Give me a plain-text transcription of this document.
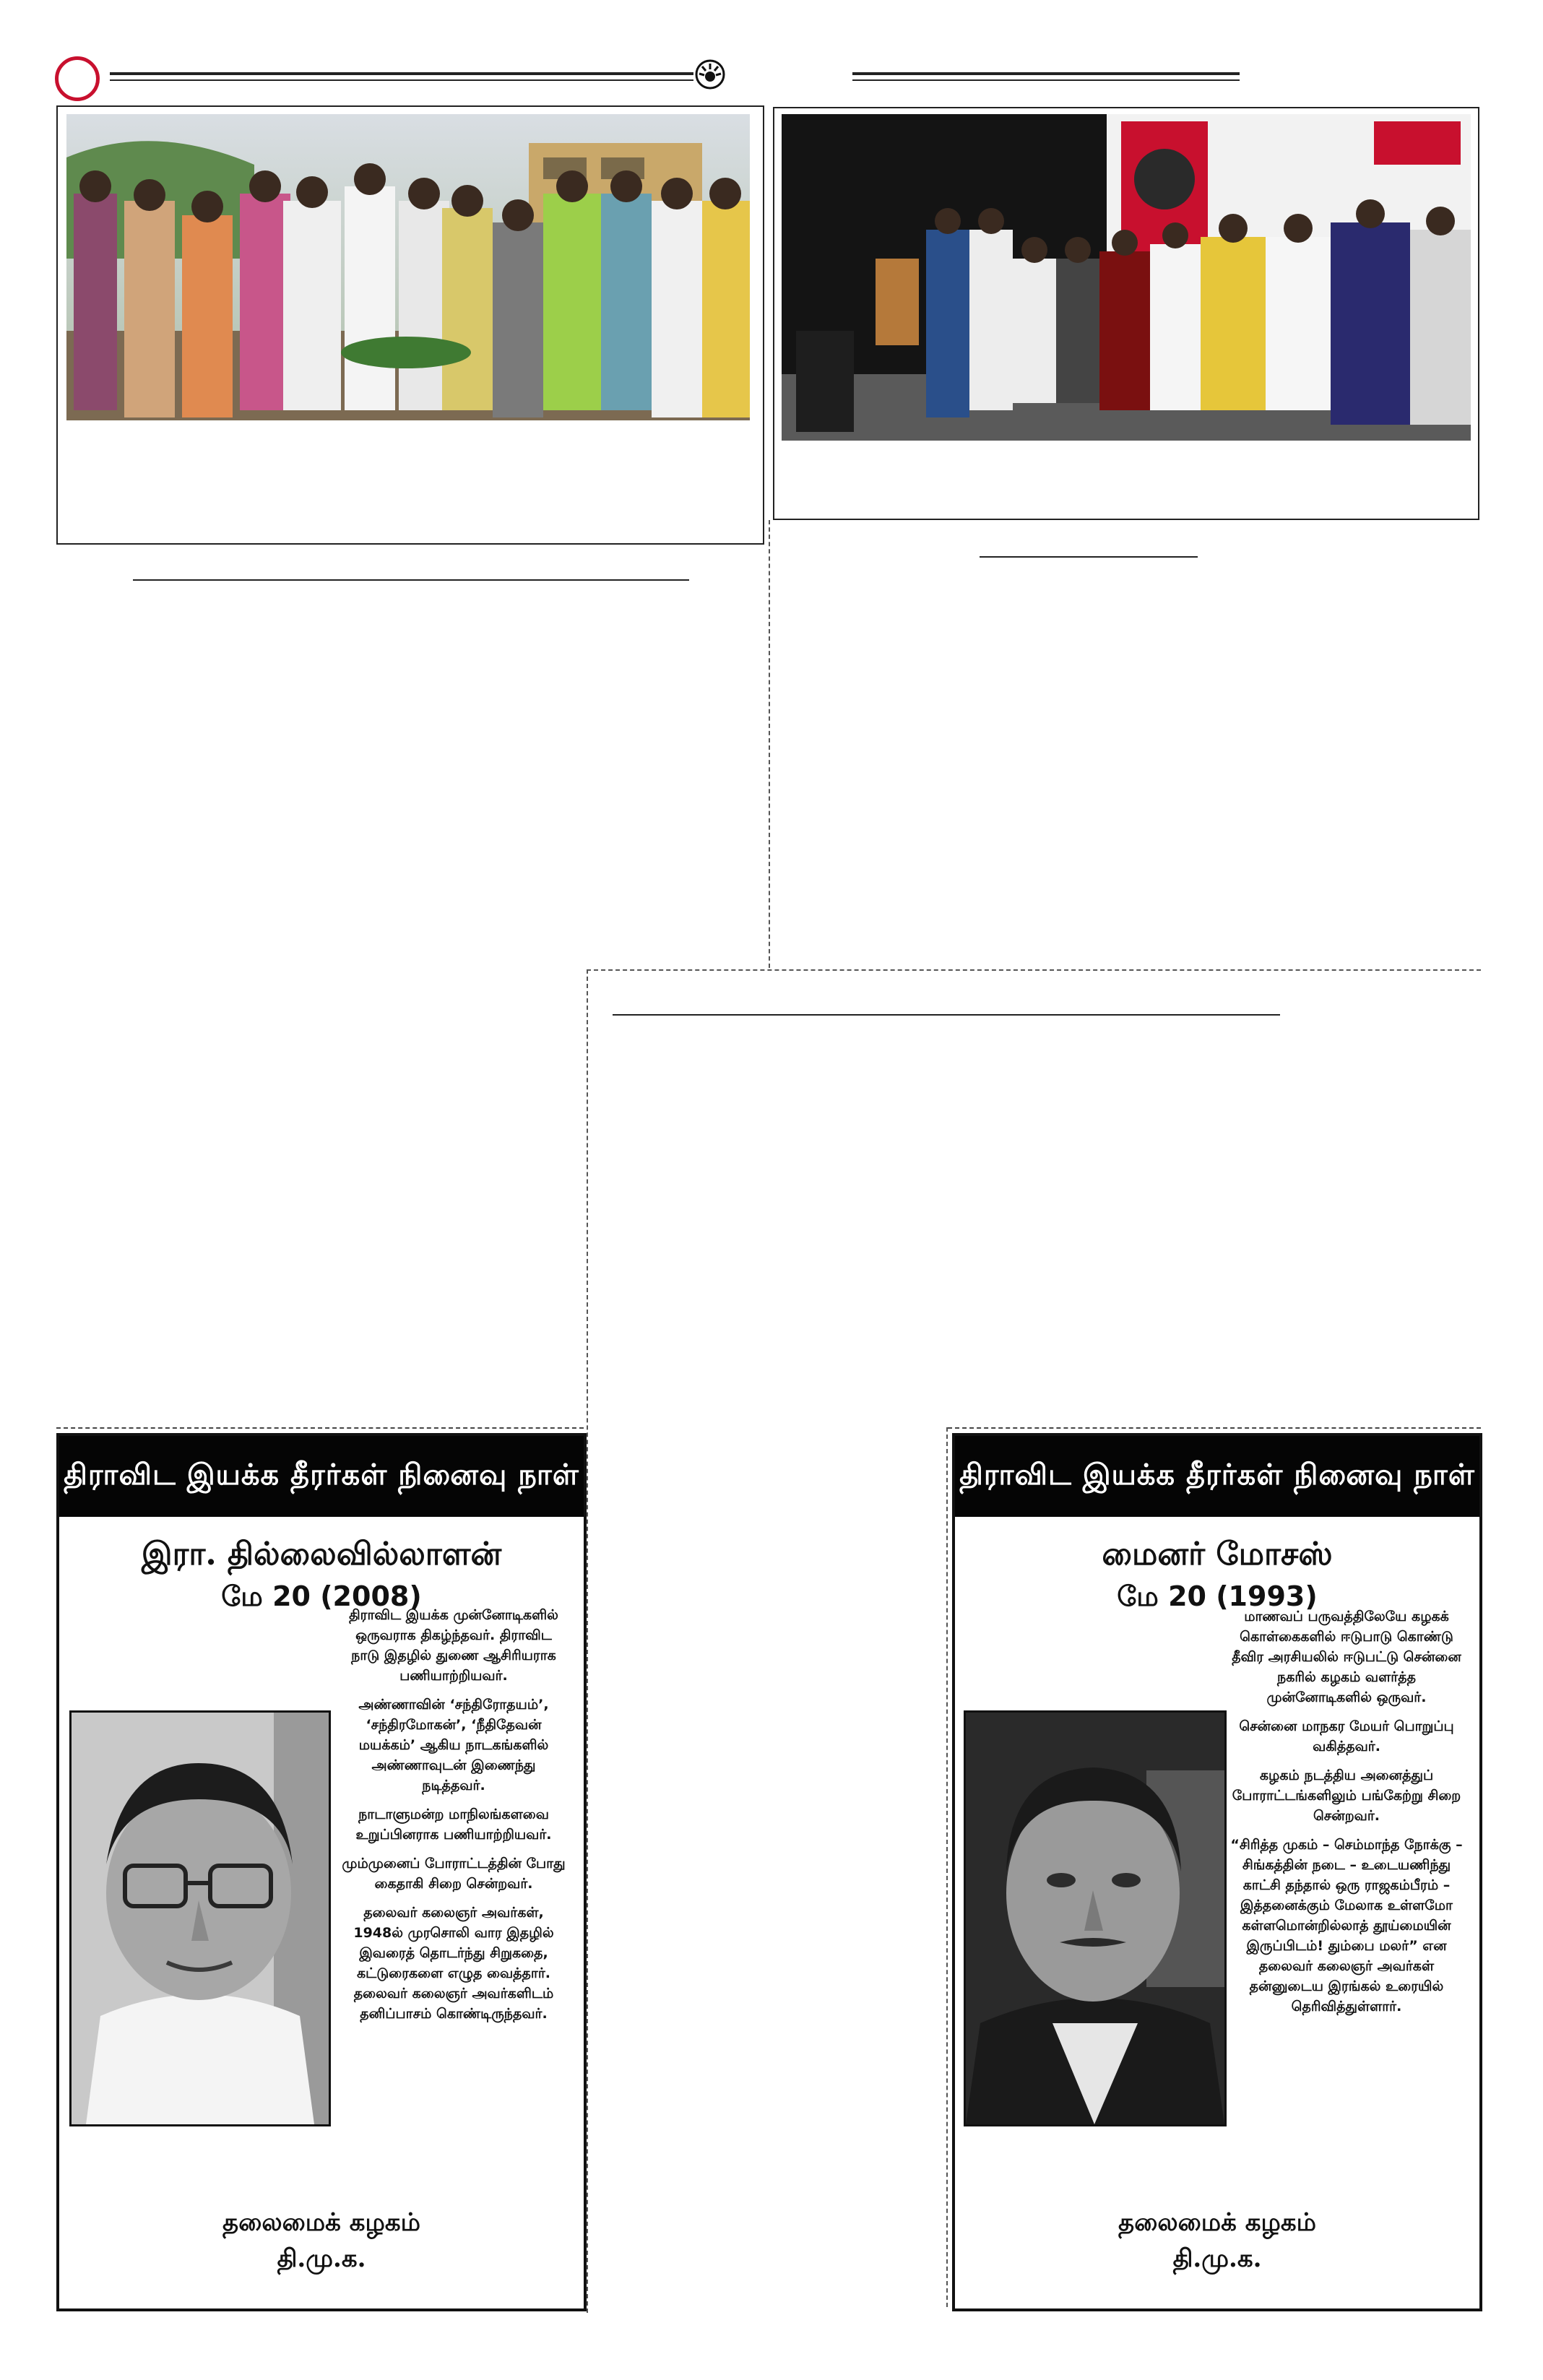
திராவிட இயக்க தீரர்கள் நினைவு நாள்
இரா. தில்லைவில்லாளன்
மே 20 (2008)

திராவிட இயக்க முன்னோடிகளில் ஒருவராக திகழ்ந்தவர். திராவிட நாடு இதழில் துணை ஆசிரியராக பணியாற்றியவர்.

அண்ணாவின் ‘சந்திரோதயம்’, ‘சந்திரமோகன்’, ‘நீதிதேவன் மயக்கம்’ ஆகிய நாடகங்களில் அண்ணாவுடன் இணைந்து நடித்தவர்.

நாடாளுமன்ற மாநிலங்களவை உறுப்பினராக பணியாற்றியவர்.

மும்முனைப் போராட்டத்தின் போது கைதாகி சிறை சென்றவர்.

தலைவர் கலைஞர் அவர்கள், 1948ல் முரசொலி வார இதழில் இவரைத் தொடர்ந்து சிறுகதை, கட்டுரைகளை எழுத வைத்தார். தலைவர் கலைஞர் அவர்களிடம் தனிப்பாசம் கொண்டிருந்தவர்.

தலைமைக் கழகம்
தி.மு.க.
திராவிட இயக்க தீரர்கள் நினைவு நாள்
மைனர் மோசஸ்
மே 20 (1993)

மாணவப் பருவத்திலேயே கழகக் கொள்கைகளில் ஈடுபாடு கொண்டு தீவிர அரசியலில் ஈடுபட்டு சென்னை நகரில் கழகம் வளர்த்த முன்னோடிகளில் ஒருவர்.

சென்னை மாநகர மேயர் பொறுப்பு வகித்தவர்.

கழகம் நடத்திய அனைத்துப் போராட்டங்களிலும் பங்கேற்று சிறை சென்றவர்.

“சிரித்த முகம் – செம்மாந்த நோக்கு – சிங்கத்தின் நடை – உடையணிந்து காட்சி தந்தால் ஒரு ராஜகம்பீரம் – இத்தனைக்கும் மேலாக உள்ளமோ கள்ளமொன்றில்லாத் தூய்மையின் இருப்பிடம்! தும்பை மலர்” என தலைவர் கலைஞர் அவர்கள் தன்னுடைய இரங்கல் உரையில் தெரிவித்துள்ளார்.

தலைமைக் கழகம்
தி.மு.க.
